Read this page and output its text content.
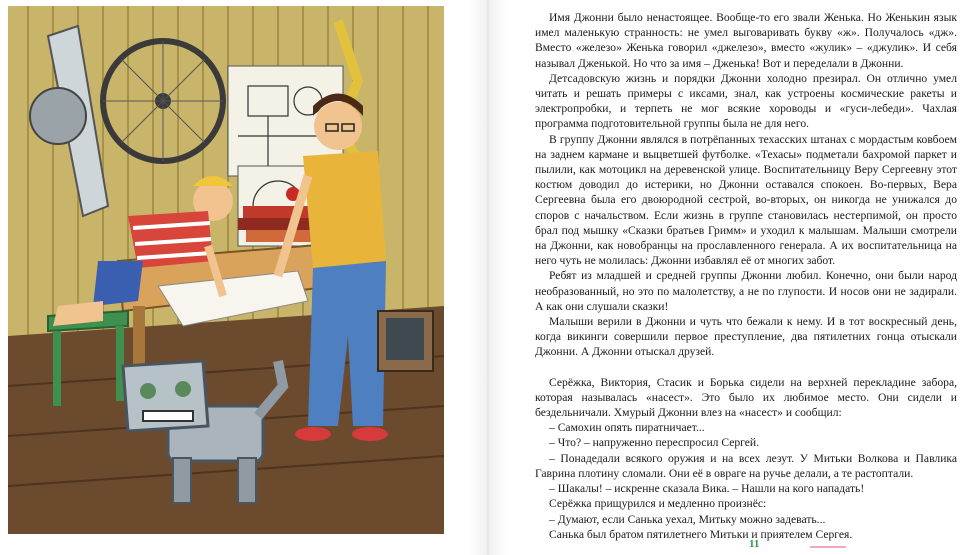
Имя Джонни было ненастоящее. Вообще-то его звали Женька. Но Женькин язык имел маленькую странность: не умел выговаривать букву «ж». Получалось «дж». Вместо «железо» Женька говорил «джелезо», вместо «жулик» – «джулик». И себя называл Дженькой. Но что за имя – Дженька! Вот и переделали в Джонни.

Детсадовскую жизнь и порядки Джонни холодно презирал. Он отлично умел читать и решать примеры с иксами, знал, как устроены космические ракеты и электропробки, и терпеть не мог всякие хороводы и «гуси-лебеди». Чахлая программа подготовительной группы была не для него.

В группу Джонни являлся в потрёпанных техасских штанах с мордастым ковбоем на заднем кармане и выцветшей футболке. «Техасы» подметали бахромой паркет и пылили, как мотоцикл на деревенской улице. Воспитательницу Веру Сергеевну этот костюм доводил до истерики, но Джонни оставался спокоен. Во-первых, Вера Сергеевна была его двоюродной сестрой, во-вторых, он никогда не унижался до споров с начальством. Если жизнь в группе становилась нестерпимой, он просто брал под мышку «Сказки братьев Гримм» и уходил к малышам. Малыши смотрели на Джонни, как новобранцы на прославленного генерала. А их воспитательница на него чуть не молилась: Джонни избавлял её от многих забот.

Ребят из младшей и средней группы Джонни любил. Конечно, они были народ необразованный, но это по малолетству, а не по глупости. И носов они не задирали. А как они слушали сказки!

Малыши верили в Джонни и чуть что бежали к нему. И в тот воскресный день, когда викинги совершили первое преступление, два пятилетних гонца отыскали Джонни. А Джонни отыскал друзей.

Серёжка, Виктория, Стасик и Борька сидели на верхней перекладине забора, которая называлась «насест». Это было их любимое место. Они сидели и бездельничали. Хмурый Джонни влез на «насест» и сообщил:

– Самохин опять пиратничает...

– Что? – напруженно переспросил Сергей.

– Понадедали всякого оружия и на всех лезут. У Митьки Волкова и Павлика Гаврина плотину сломали. Они её в овраге на ручье делали, а те растоптали.

– Шакалы! – искренне сказала Вика. – Нашли на кого нападать!

Серёжка прищурился и медленно произнёс:

– Думают, если Санька уехал, Митьку можно задевать...

Санька был братом пятилетнего Митьки и приятелем Сергея.

11
